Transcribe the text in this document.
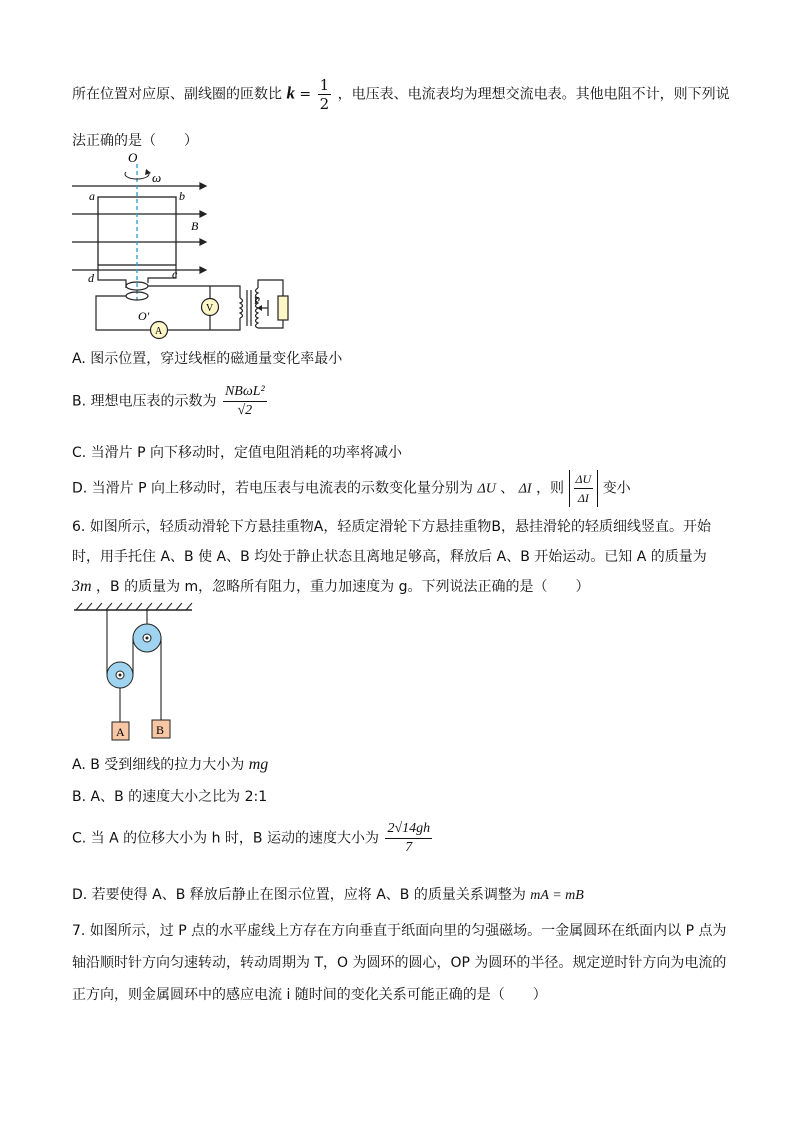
所在位置对应原、副线圈的匝数比 $k = \frac{1}{2}$ ，电压表、电流表均为理想交流电表。其他电阻不计，则下列说
法正确的是（　　）
O
ω
a	b
B
d	c
P
V
O′
A
A. 图示位置，穿过线框的磁通量变化率最小
B. 理想电压表的示数为 $\frac{\text{NBωL²}}{√2}$
C. 当滑片 P 向下移动时，定值电阻消耗的功率将减小
D. 当滑片 P 向上移动时，若电压表与电流表的示数变化量分别为 ΔU 、 ΔI ，则 $\frac{\Delta U}{\Delta I}$ 变小
6. 如图所示，轻质动滑轮下方悬挂重物A，轻质定滑轮下方悬挂重物B，悬挂滑轮的轻质细线竖直。开始
时，用手托住 A、B 使 A、B 均处于静止状态且离地足够高，释放后 A、B 开始运动。已知 A 的质量为
3m ，B 的质量为 m，忽略所有阻力，重力加速度为 g。下列说法正确的是（　　）
A	B
A. B 受到细线的拉力大小为 mg
B. A、B 的速度大小之比为 2:1
C. 当 A 的位移大小为 h 时，B 运动的速度大小为 $\frac{2√14gh}{7}$
D. 若要使得 A、B 释放后静止在图示位置，应将 A、B 的质量关系调整为 mA = mB
7. 如图所示，过 P 点的水平虚线上方存在方向垂直于纸面向里的匀强磁场。一金属圆环在纸面内以 P 点为
轴沿顺时针方向匀速转动，转动周期为 T，O 为圆环的圆心，OP 为圆环的半径。规定逆时针方向为电流的
正方向，则金属圆环中的感应电流 i 随时间的变化关系可能正确的是（　　）
